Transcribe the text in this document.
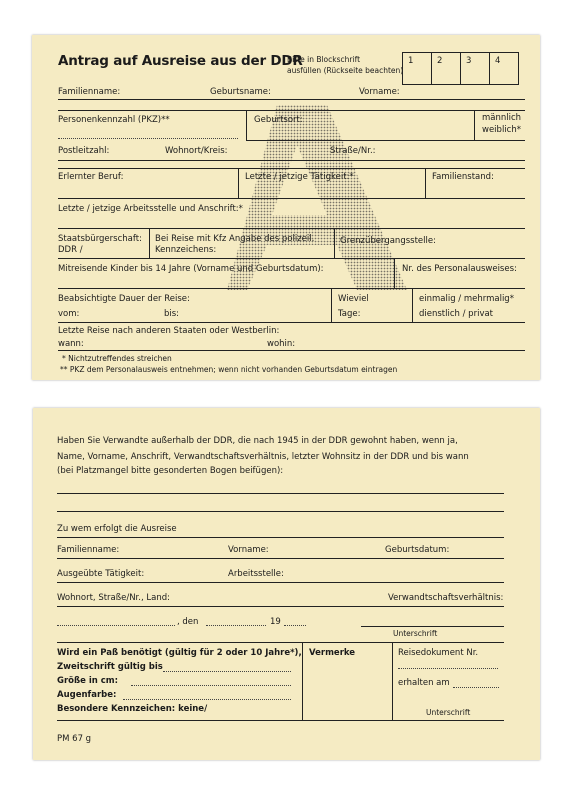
Antrag auf Ausreise aus der DDR
Bitte in Blockschrift
ausfüllen (Rückseite beachten)
1	2	3	4
Familienname:	Geburtsname:	Vorname:
Personenkennzahl (PKZ)**	Geburtsort:	männlich
weiblich*
Postleitzahl:	Wohnort/Kreis:	Straße/Nr.:
Erlernter Beruf:	Letzte / jetzige Tätigkeit:*	Familienstand:
Letzte / jetzige Arbeitsstelle und Anschrift:*
Staatsbürgerschaft:
DDR /
Bei Reise mit Kfz Angabe des polizeil.
Kennzeichens:
Grenzübergangsstelle:
Mitreisende Kinder bis 14 Jahre (Vorname und Geburtsdatum):	Nr. des Personalausweises:
Beabsichtigte Dauer der Reise:
vom:	bis:
Wieviel
Tage:
einmalig / mehrmalig*
dienstlich / privat
Letzte Reise nach anderen Staaten oder Westberlin:
wann:	wohin:
* Nichtzutreffendes streichen
** PKZ dem Personalausweis entnehmen; wenn nicht vorhanden Geburtsdatum eintragen
Haben Sie Verwandte außerhalb der DDR, die nach 1945 in der DDR gewohnt haben, wenn ja,
Name, Vorname, Anschrift, Verwandtschaftsverhältnis, letzter Wohnsitz in der DDR und bis wann
(bei Platzmangel bitte gesonderten Bogen beifügen):
Zu wem erfolgt die Ausreise
Familienname:	Vorname:	Geburtsdatum:
Ausgeübte Tätigkeit:	Arbeitsstelle:
Wohnort, Straße/Nr., Land:	Verwandtschaftsverhältnis:
, den	19
Unterschrift
Wird ein Paß benötigt (gültig für 2 oder 10 Jahre*),
Zweitschrift gültig bis
Größe in cm:
Augenfarbe:
Besondere Kennzeichen: keine/
Vermerke	Reisedokument Nr.
erhalten am
Unterschrift
PM 67 g
